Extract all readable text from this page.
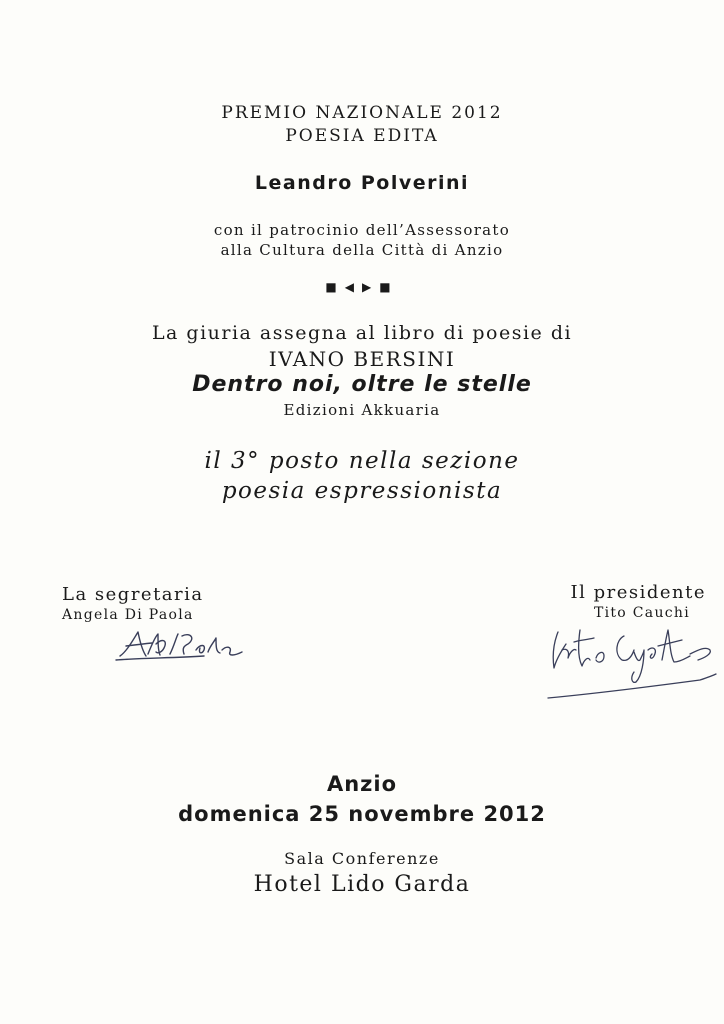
PREMIO NAZIONALE 2012
POESIA EDITA
Leandro Polverini
con il patrocinio dell’Assessorato
alla Cultura della Città di Anzio
■◀▶■
La giuria assegna al libro di poesie di
IVANO BERSINI
Dentro noi, oltre le stelle
Edizioni Akkuaria
il 3° posto nella sezione
poesia espressionista
La segretaria
Angela Di Paola
Il presidente
Tito Cauchi
Anzio
domenica 25 novembre 2012
Sala Conferenze
Hotel Lido Garda
